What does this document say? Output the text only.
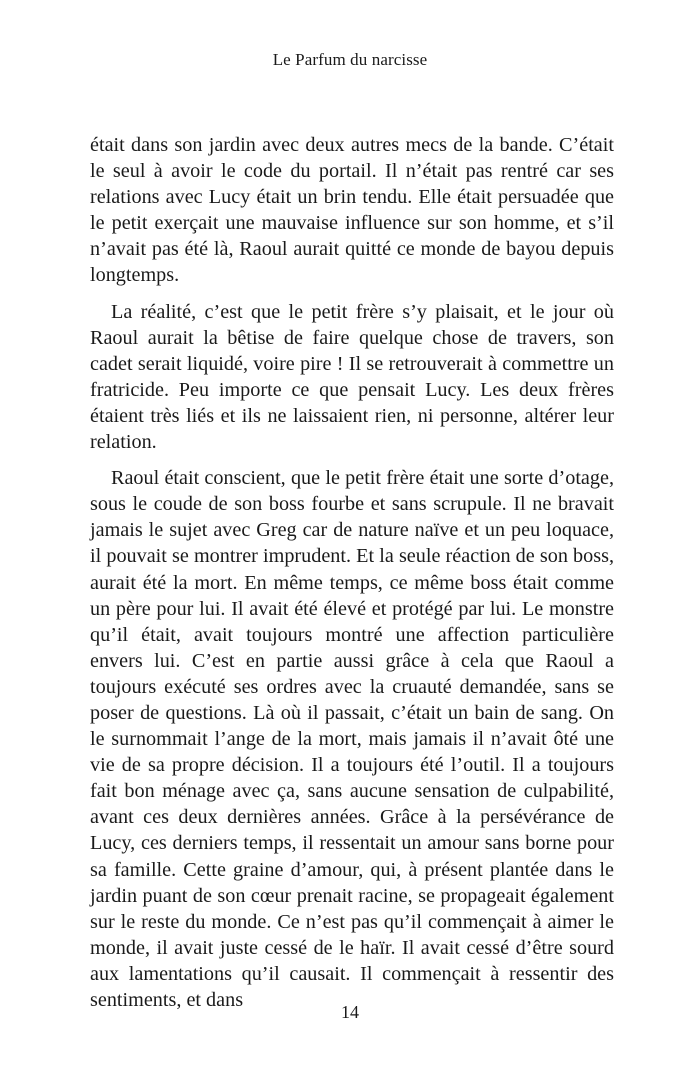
Le Parfum du narcisse

était dans son jardin avec deux autres mecs de la bande. C’était le seul à avoir le code du portail. Il n’était pas rentré car ses relations avec Lucy était un brin tendu. Elle était persuadée que le petit exerçait une mauvaise influence sur son homme, et s’il n’avait pas été là, Raoul aurait quitté ce monde de bayou depuis longtemps.

La réalité, c’est que le petit frère s’y plaisait, et le jour où Raoul aurait la bêtise de faire quelque chose de travers, son cadet serait liquidé, voire pire ! Il se retrouverait à commettre un fratricide. Peu importe ce que pensait Lucy. Les deux frères étaient très liés et ils ne laissaient rien, ni personne, altérer leur relation.

Raoul était conscient, que le petit frère était une sorte d’otage, sous le coude de son boss fourbe et sans scrupule. Il ne bravait jamais le sujet avec Greg car de nature naïve et un peu loquace, il pouvait se montrer imprudent. Et la seule réaction de son boss, aurait été la mort. En même temps, ce même boss était comme un père pour lui. Il avait été élevé et protégé par lui. Le monstre qu’il était, avait toujours montré une affection particulière envers lui. C’est en partie aussi grâce à cela que Raoul a toujours exécuté ses ordres avec la cruauté demandée, sans se poser de questions. Là où il passait, c’était un bain de sang. On le surnommait l’ange de la mort, mais jamais il n’avait ôté une vie de sa propre décision. Il a toujours été l’outil. Il a toujours fait bon ménage avec ça, sans aucune sensation de culpabilité, avant ces deux dernières années. Grâce à la persévérance de Lucy, ces derniers temps, il ressentait un amour sans borne pour sa famille. Cette graine d’amour, qui, à présent plantée dans le jardin puant de son cœur prenait racine, se propageait également sur le reste du monde. Ce n’est pas qu’il commençait à aimer le monde, il avait juste cessé de le haïr. Il avait cessé d’être sourd aux lamentations qu’il causait. Il commençait à ressentir des sentiments, et dans

14
